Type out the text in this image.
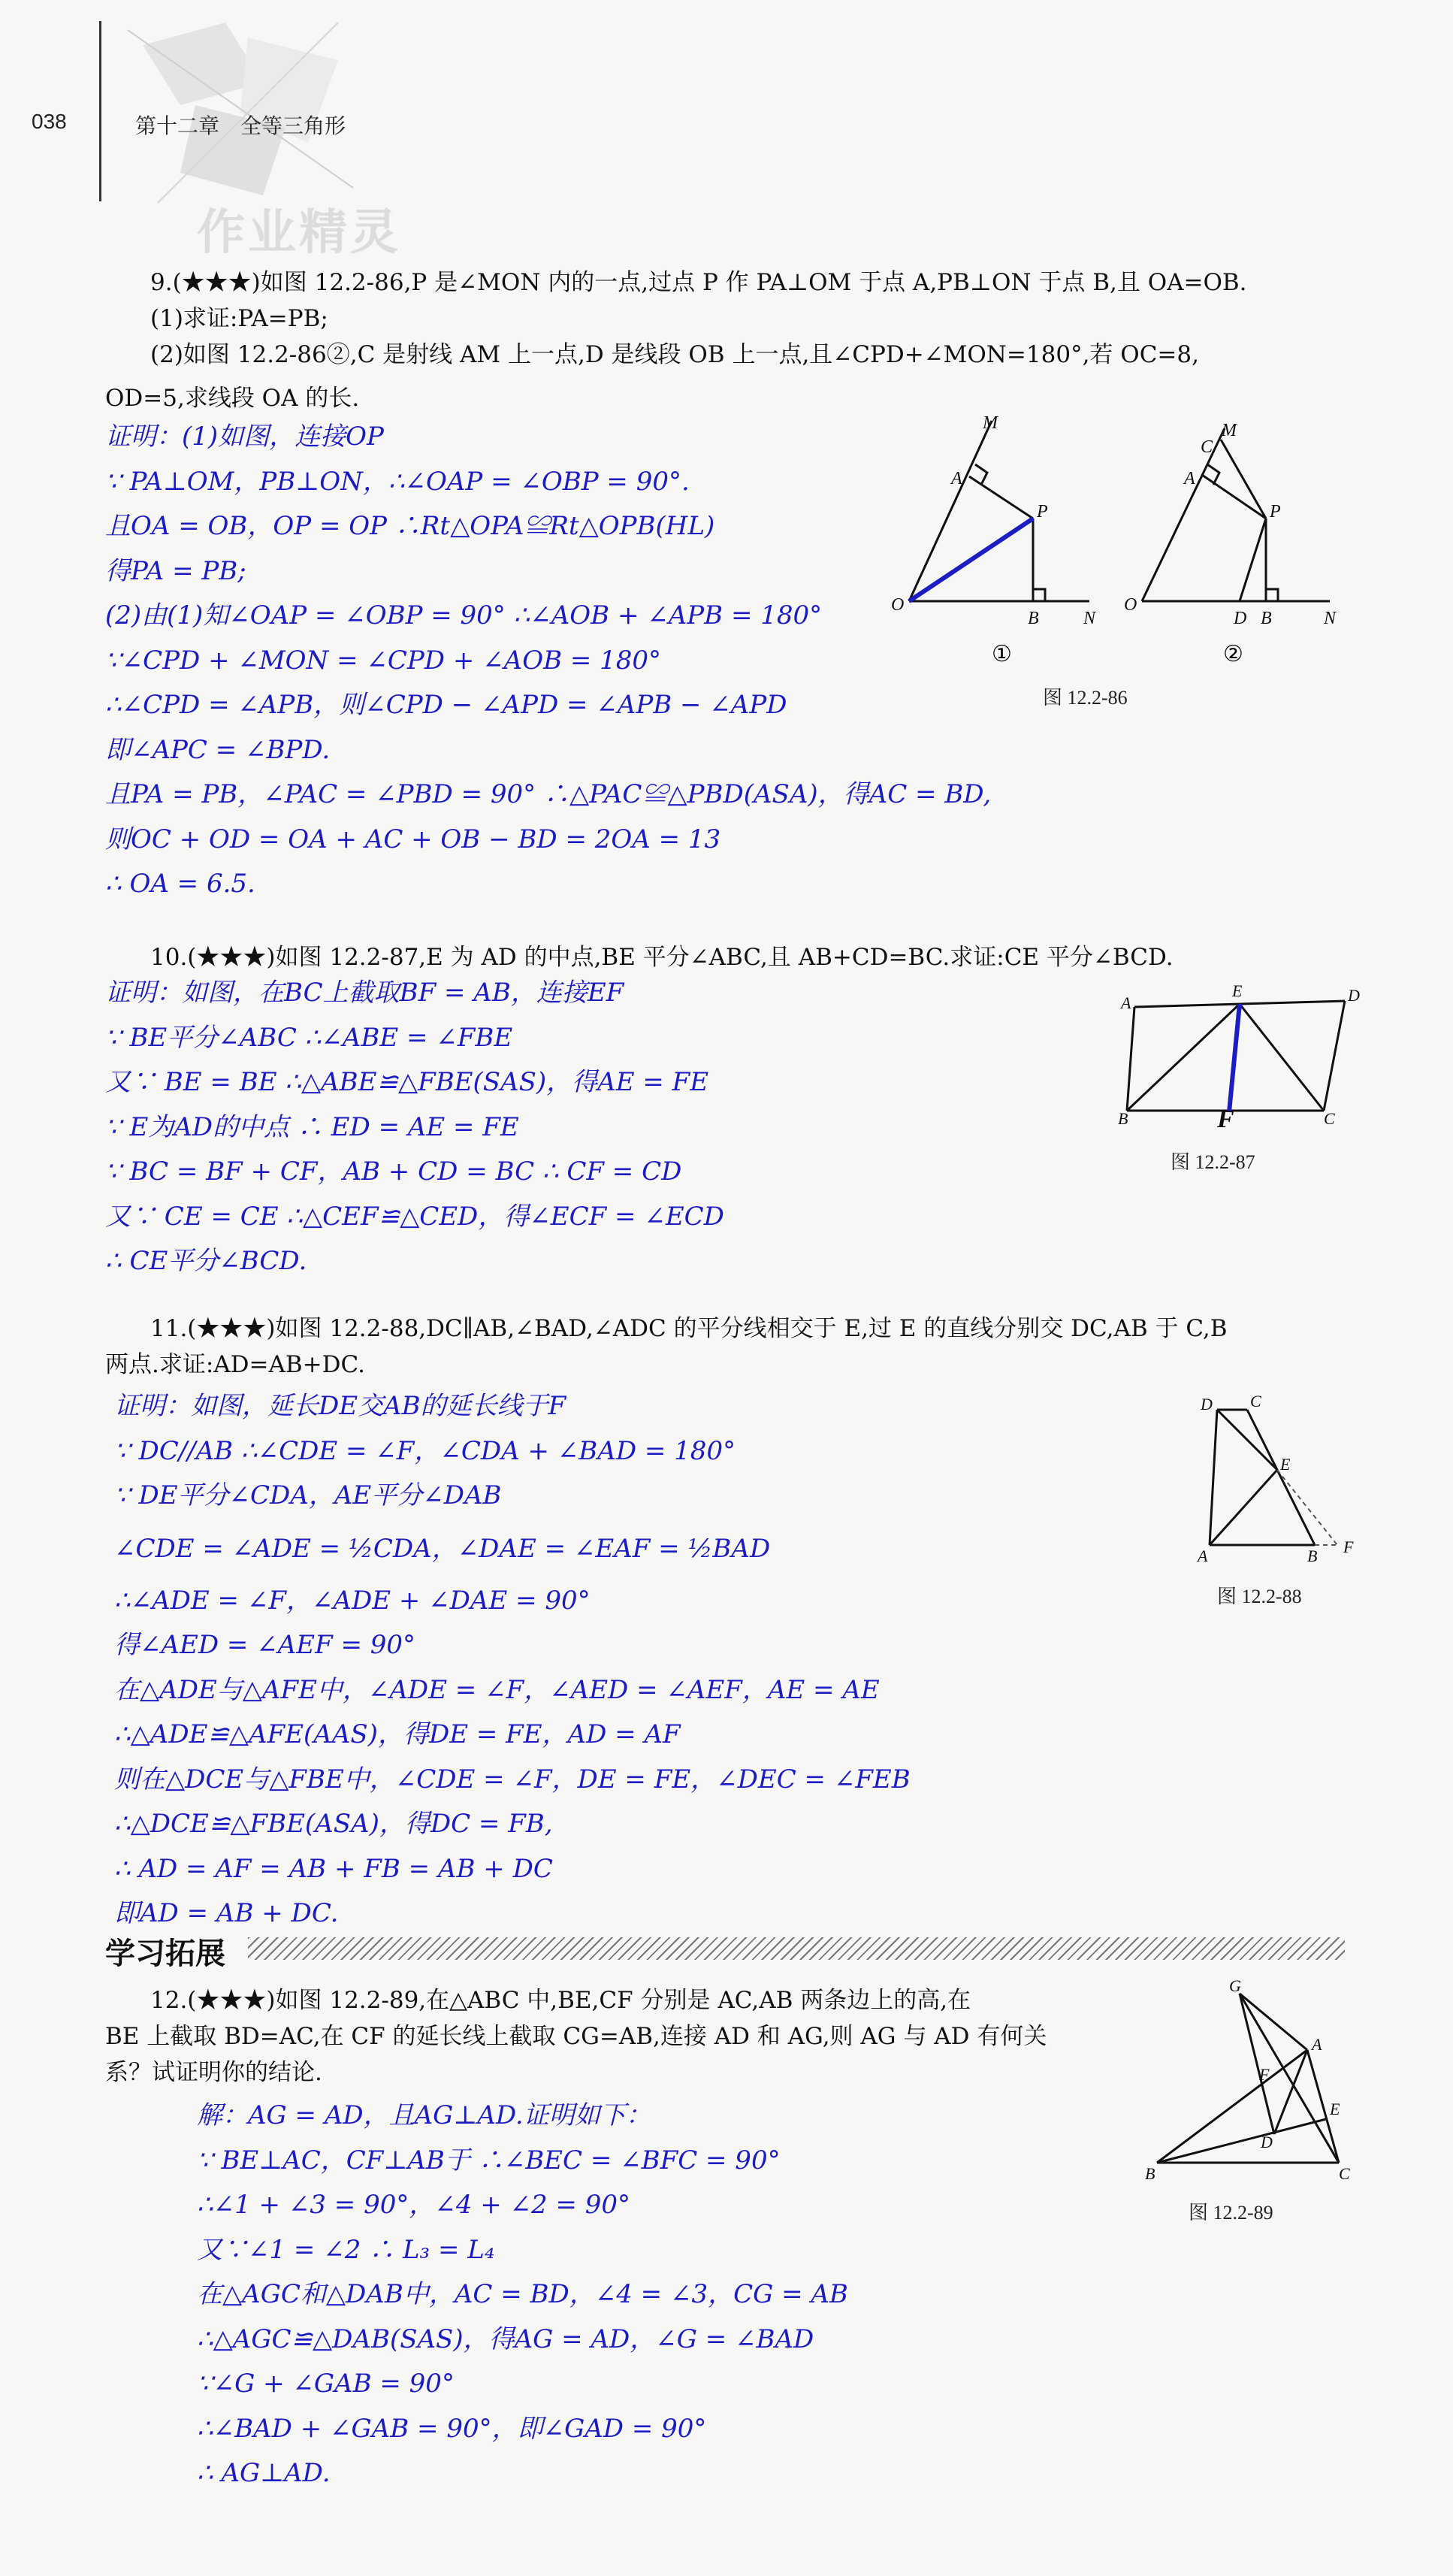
038	第十二章　全等三角形
作业精灵
9.(★★★)如图 12.2-86,P 是∠MON 内的一点,过点 P 作 PA⊥OM 于点 A,PB⊥ON 于点 B,且 OA=OB.
(1)求证:PA=PB;
(2)如图 12.2-86②,C 是射线 AM 上一点,D 是线段 OB 上一点,且∠CPD+∠MON=180°,若 OC=8,
OD=5,求线段 OA 的长.
证明：(1)如图，连接OP
∵ PA⊥OM，PB⊥ON，∴∠OAP = ∠OBP = 90°.
且OA = OB，OP = OP ∴Rt△OPA≌Rt△OPB(HL)
得PA = PB;
(2)由(1)知∠OAP = ∠OBP = 90° ∴∠AOB + ∠APB = 180°
∵∠CPD + ∠MON = ∠CPD + ∠AOB = 180°
∴∠CPD = ∠APB，则∠CPD − ∠APD = ∠APB − ∠APD
即∠APC = ∠BPD.
且PA = PB，∠PAC = ∠PBD = 90° ∴△PAC≌△PBD(ASA)，得AC = BD,
则OC + OD = OA + AC + OB − BD = 2OA = 13
∴ OA = 6.5.
M
A
P
O
B N
C
M
A
P
O
D B	N
①	②
图 12.2-86
10.(★★★)如图 12.2-87,E 为 AD 的中点,BE 平分∠ABC,且 AB+CD=BC.求证:CE 平分∠BCD.
证明：如图，在BC上截取BF = AB，连接EF
∵ BE平分∠ABC ∴∠ABE = ∠FBE
又∵ BE = BE ∴△ABE≌△FBE(SAS)，得AE = FE
∵ E为AD的中点 ∴ ED = AE = FE
∵ BC = BF + CF，AB + CD = BC ∴ CF = CD
又∵ CE = CE ∴△CEF≌△CED，得∠ECF = ∠ECD
∴ CE平分∠BCD.
A
E	D
B	C
F
图 12.2-87
11.(★★★)如图 12.2-88,DC∥AB,∠BAD,∠ADC 的平分线相交于 E,过 E 的直线分别交 DC,AB 于 C,B
两点.求证:AD=AB+DC.
证明：如图，延长DE交AB的延长线于F
∵ DC//AB ∴∠CDE = ∠F，∠CDA + ∠BAD = 180°
∵ DE平分∠CDA，AE平分∠DAB
∠CDE = ∠ADE = ½CDA，∠DAE = ∠EAF = ½BAD
∴∠ADE = ∠F，∠ADE + ∠DAE = 90°
得∠AED = ∠AEF = 90°
在△ADE与△AFE中，∠ADE = ∠F，∠AED = ∠AEF，AE = AE
∴△ADE≌△AFE(AAS)，得DE = FE，AD = AF
则在△DCE与△FBE中，∠CDE = ∠F，DE = FE，∠DEC = ∠FEB
∴△DCE≌△FBE(ASA)，得DC = FB,
∴ AD = AF = AB + FB = AB + DC
即AD = AB + DC.
D C
E
A	B F
图 12.2-88
学习拓展
12.(★★★)如图 12.2-89,在△ABC 中,BE,CF 分别是 AC,AB 两条边上的高,在
BE 上截取 BD=AC,在 CF 的延长线上截取 CG=AB,连接 AD 和 AG,则 AG 与 AD 有何关
系？试证明你的结论.
解：AG = AD，且AG⊥AD.证明如下：
∵ BE⊥AC，CF⊥AB于 ∴∠BEC = ∠BFC = 90°
∴∠1 + ∠3 = 90°，∠4 + ∠2 = 90°
又∵∠1 = ∠2 ∴ L₃ = L₄
在△AGC和△DAB中，AC = BD，∠4 = ∠3，CG = AB
∴△AGC≌△DAB(SAS)，得AG = AD，∠G = ∠BAD
∵∠G + ∠GAB = 90°
∴∠BAD + ∠GAB = 90°，即∠GAD = 90°
∴ AG⊥AD.
G
A
F
E
D
B	C
图 12.2-89
